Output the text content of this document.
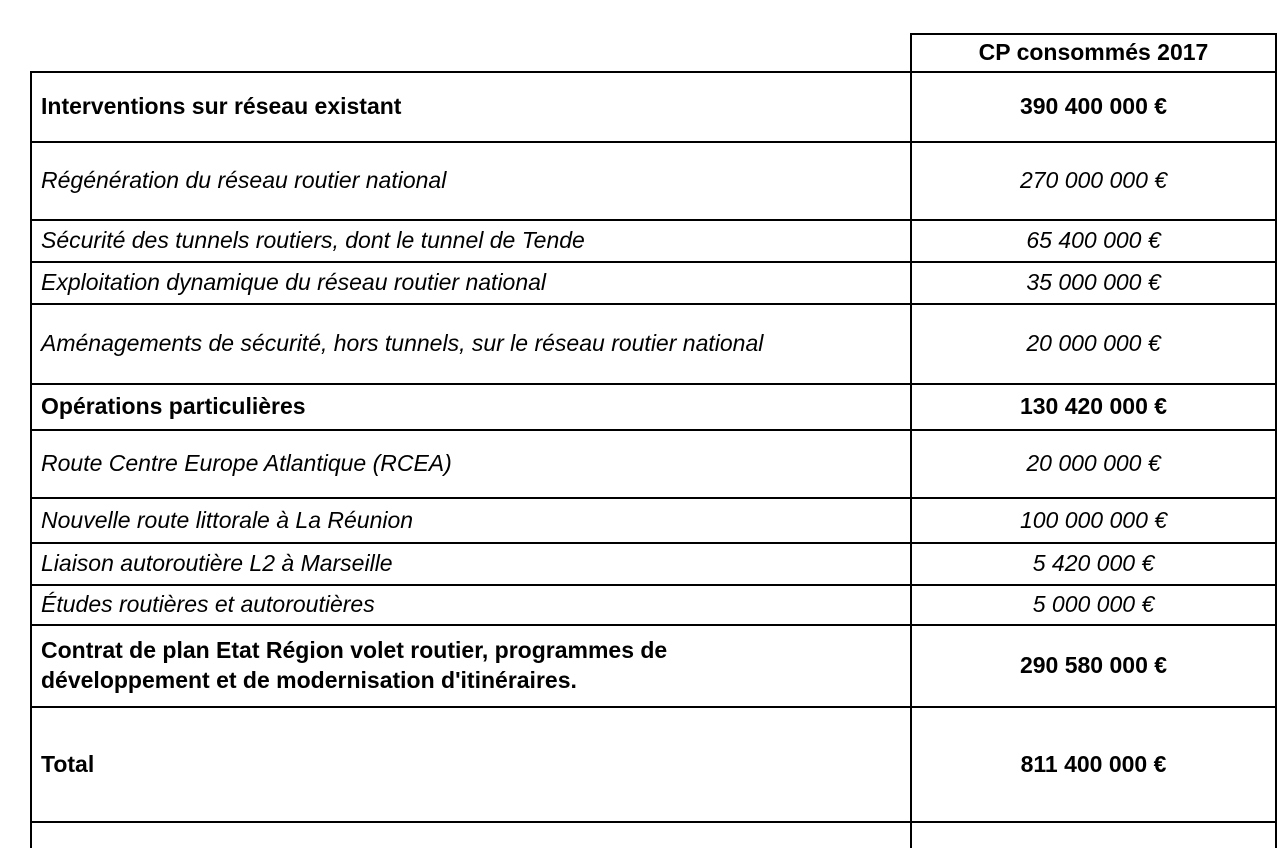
	CP consommés 2017
Interventions sur réseau existant	390 400 000 €
Régénération du réseau routier national	270 000 000 €
Sécurité des tunnels routiers, dont le tunnel de Tende	65 400 000 €
Exploitation dynamique du réseau routier national	35 000 000 €
Aménagements de sécurité, hors tunnels, sur le réseau routier national	20 000 000 €
Opérations particulières	130 420 000 €
Route Centre Europe Atlantique (RCEA)	20 000 000 €
Nouvelle route littorale à La Réunion	100 000 000 €
Liaison autoroutière L2 à Marseille	5 420 000 €
Études routières et autoroutières	5 000 000 €
Contrat de plan Etat Région volet routier, programmes de développement et de modernisation d'itinéraires.	290 580 000 €
Total	811 400 000 €
